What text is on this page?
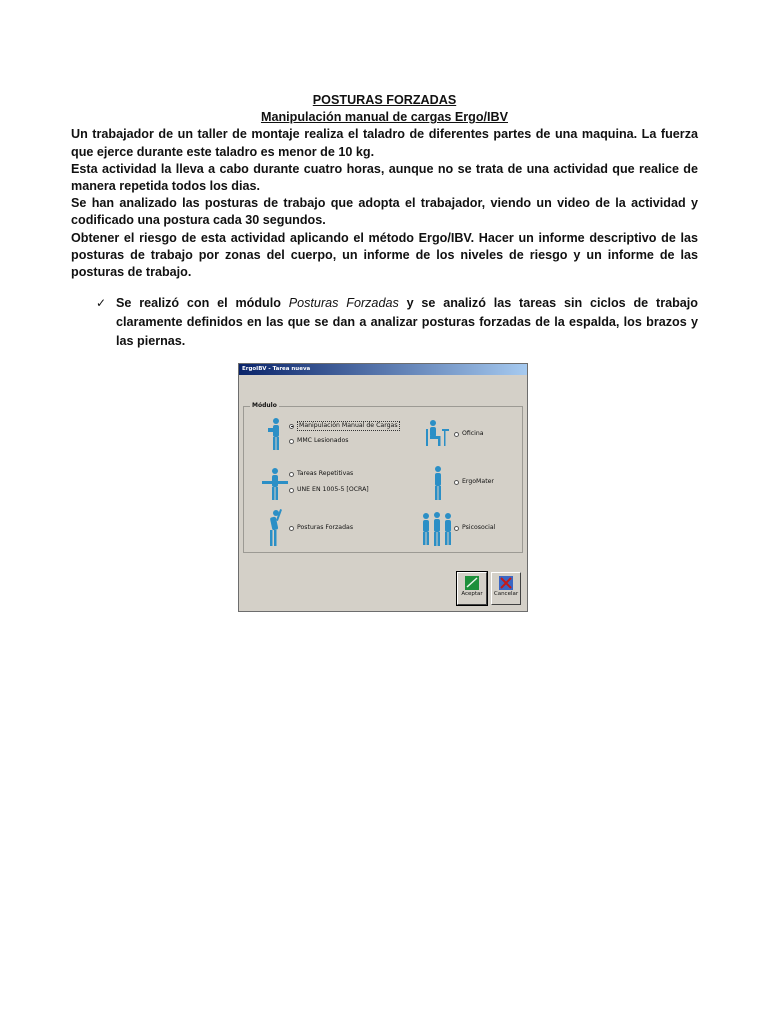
POSTURAS FORZADAS
Manipulación manual de cargas Ergo/IBV
Un trabajador de un taller de montaje realiza el taladro de diferentes partes de una maquina. La fuerza que ejerce durante este taladro es menor de 10 kg.
Esta actividad la lleva a cabo durante cuatro horas, aunque no se trata de una actividad que realice de manera repetida todos los dias.
Se han analizado las posturas de trabajo que adopta el trabajador, viendo un video de la actividad y codificado una postura cada 30 segundos.
Obtener el riesgo de esta actividad aplicando el método Ergo/IBV. Hacer un informe descriptivo de las posturas de trabajo por zonas del cuerpo, un informe de los niveles de riesgo y un informe de las posturas de trabajo.
✓ Se realizó con el módulo Posturas Forzadas y se analizó las tareas sin ciclos de trabajo claramente definidos en las que se dan a analizar posturas forzadas de la espalda, los brazos y las piernas.
ErgoIBV - Tarea nueva
Módulo
Manipulación Manual de Cargas
MMC Lesionados
Oficina
Tareas Repetitivas
UNE EN 1005-5 [OCRA]
ErgoMater
Posturas Forzadas	Psicosocial
Aceptar	Cancelar
